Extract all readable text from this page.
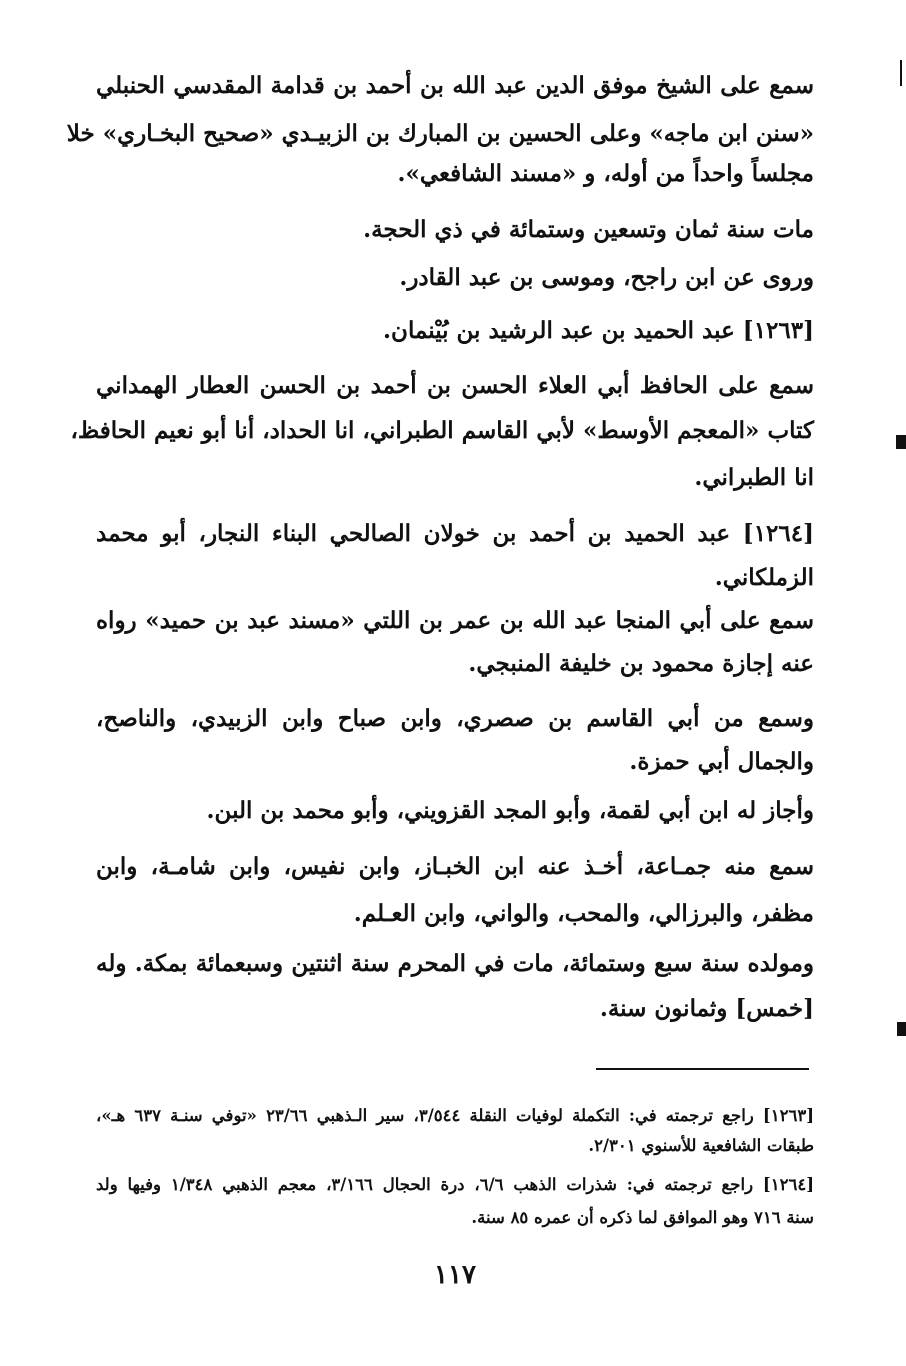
سمع على الشيخ موفق الدين عبد الله بن أحمد بن قدامة المقدسي الحنبلي
«سنن ابن ماجه» وعلى الحسين بن المبارك بن الزبيـدي «صحيح البخـاري» خلا
مجلساً واحداً من أوله، و «مسند الشافعي».
مات سنة ثمان وتسعين وستمائة في ذي الحجة.
وروى عن ابن راجح، وموسى بن عبد القادر.
[١٢٦٣] عبد الحميد بن عبد الرشيد بن بُيْنمان.
سمع على الحافظ أبي العلاء الحسن بن أحمد بن الحسن العطار الهمداني
كتاب «المعجم الأوسط» لأبي القاسم الطبراني، انا الحداد، أنا أبو نعيم الحافظ،
انا الطبراني.
[١٢٦٤] عبد الحميد بن أحمد بن خولان الصالحي البناء النجار، أبو محمد
الزملكاني.
سمع على أبي المنجا عبد الله بن عمر بن اللتي «مسند عبد بن حميد» رواه
عنه إجازة محمود بن خليفة المنبجي.
وسمع من أبي القاسم بن صصري، وابن صباح وابن الزبيدي، والناصح،
والجمال أبي حمزة.
وأجاز له ابن أبي لقمة، وأبو المجد القزويني، وأبو محمد بن البن.
سمع منه جمـاعة، أخـذ عنه ابن الخبـاز، وابن نفيس، وابن شامـة، وابن
مظفر، والبرزالي، والمحب، والواني، وابن العـلم.
ومولده سنة سبع وستمائة، مات في المحرم سنة اثنتين وسبعمائة بمكة. وله
[خمس] وثمانون سنة.
[١٢٦٣] راجع ترجمته في: التكملة لوفيات النقلة ٣/٥٤٤، سير الـذهبي ٢٣/٦٦ «توفي سنـة ٦٣٧ هـ»،
طبقات الشافعية للأسنوي ٢/٣٠١.
[١٢٦٤] راجع ترجمته في: شذرات الذهب ٦/٦، درة الحجال ٣/١٦٦، معجم الذهبي ١/٣٤٨ وفيها ولد
سنة ٧١٦ وهو الموافق لما ذكره أن عمره ٨٥ سنة.
١١٧
